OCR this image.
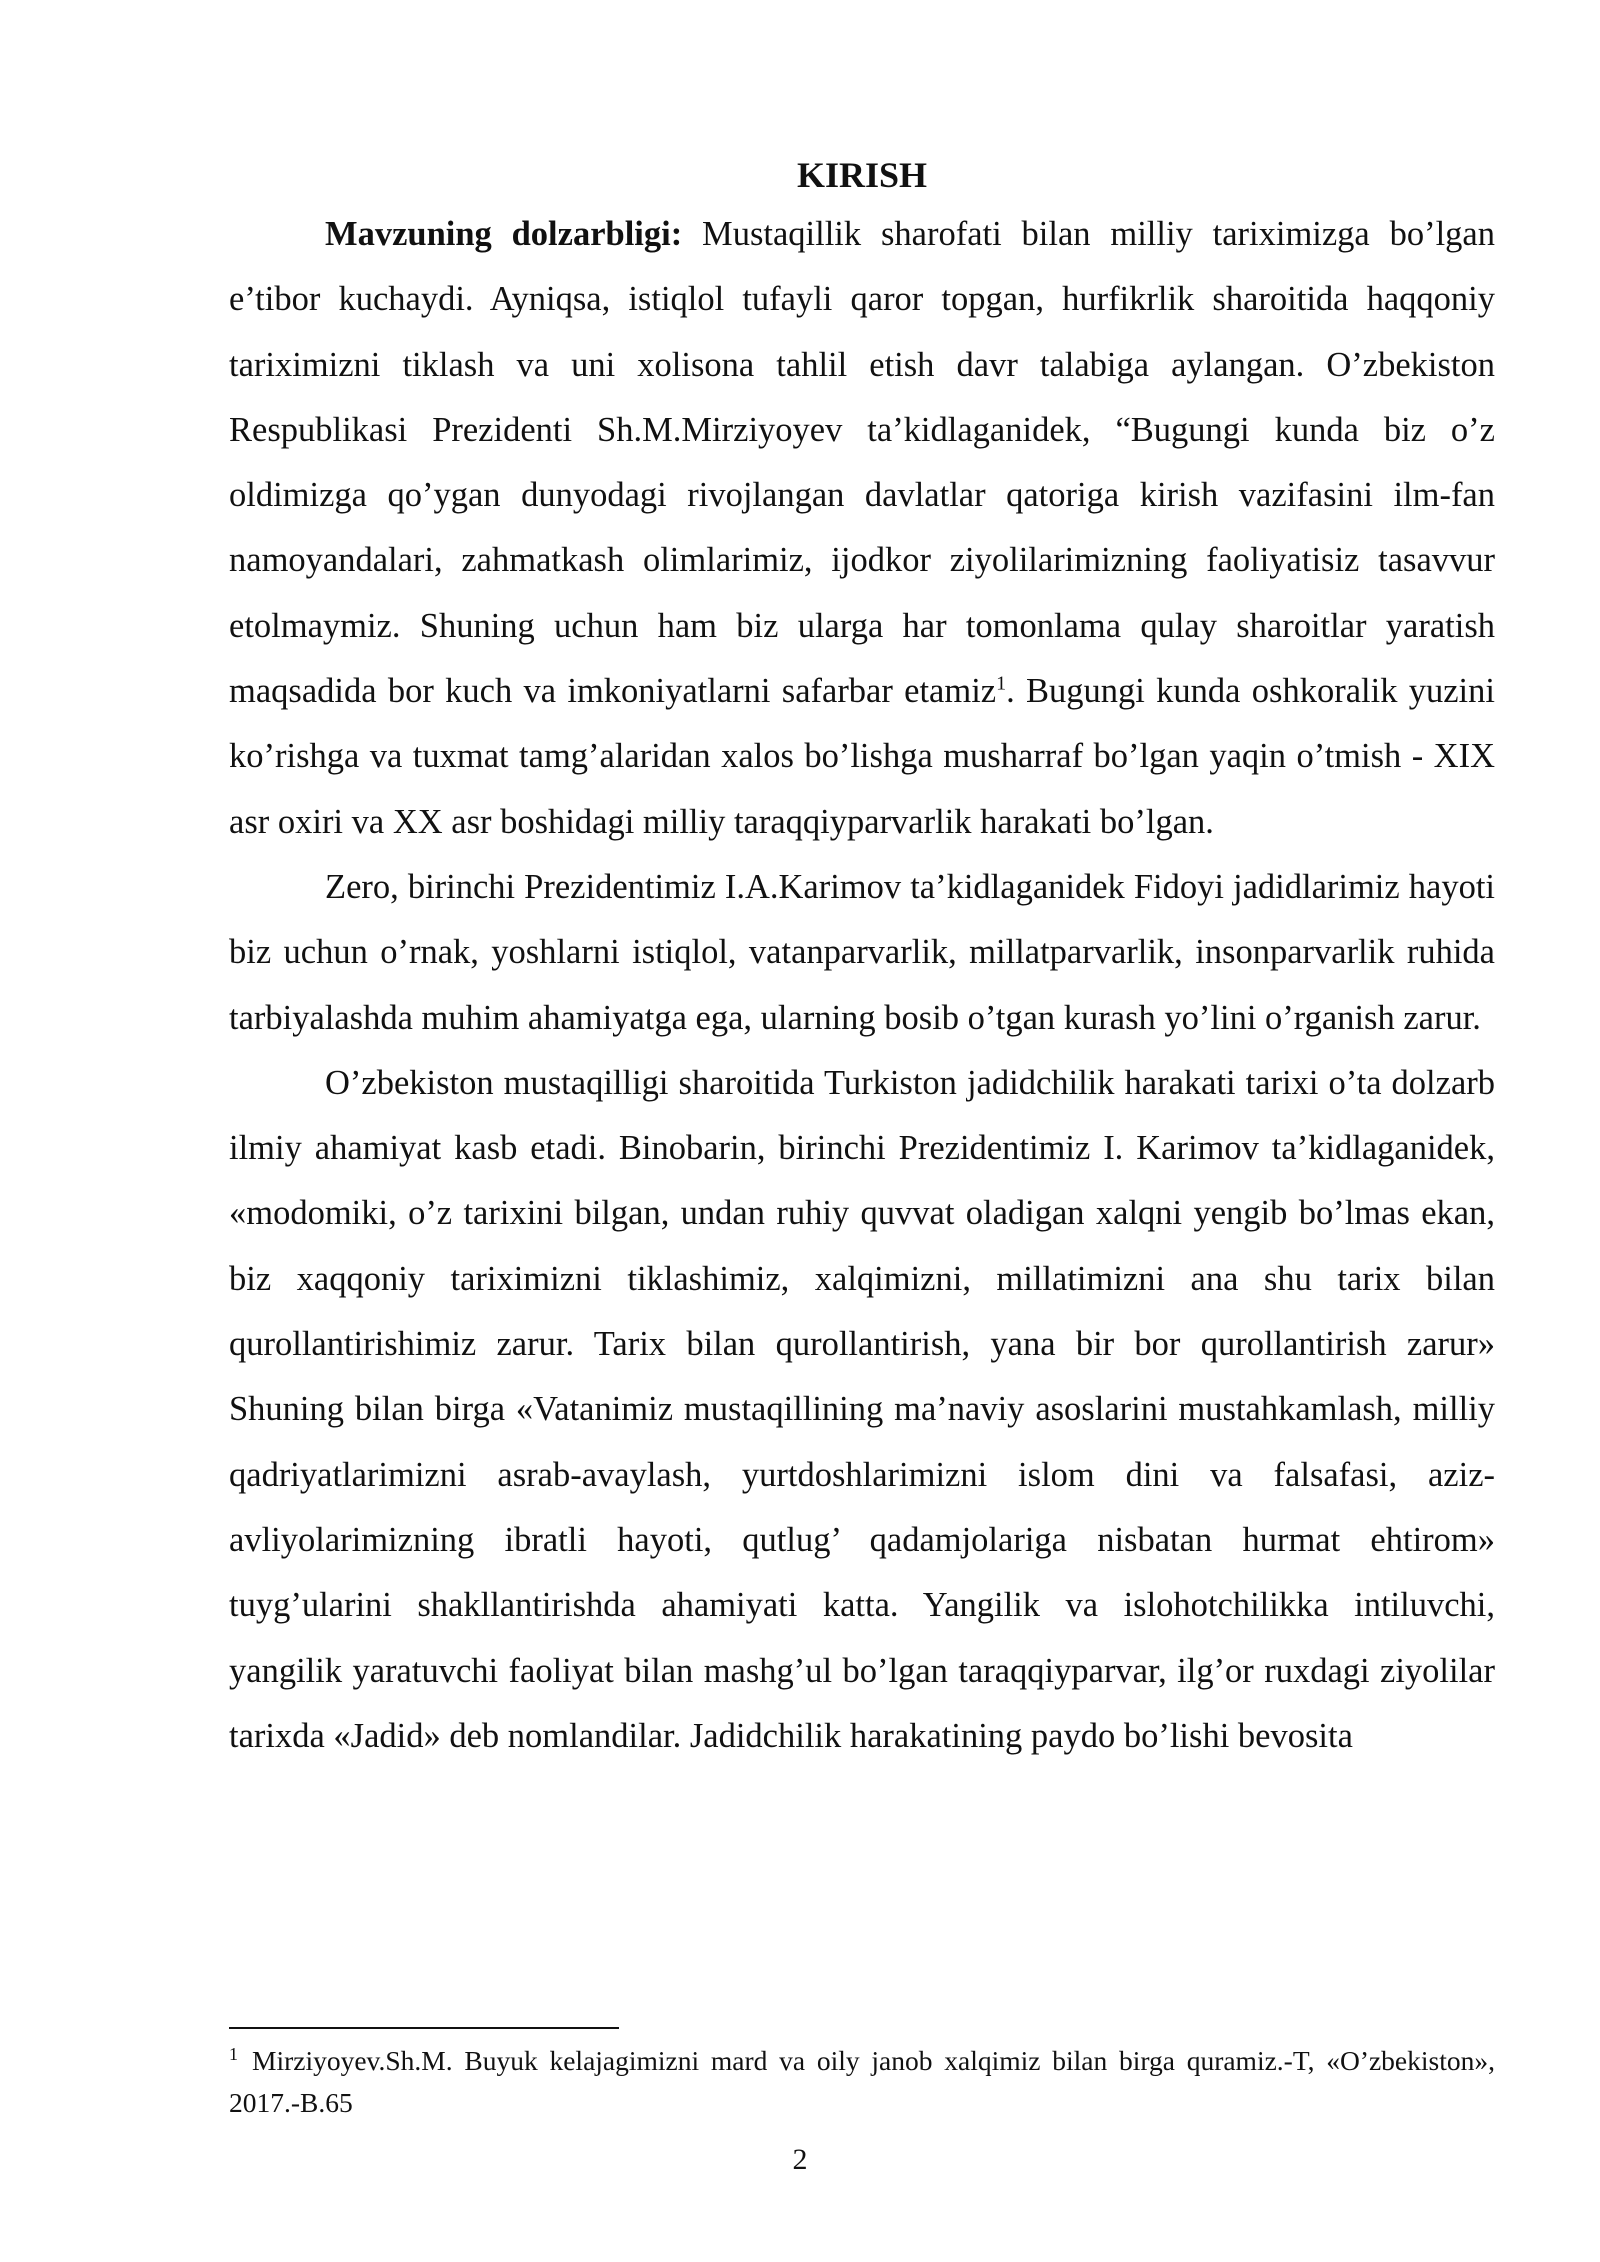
KIRISH

Mavzuning dolzarbligi: Mustaqillik sharofati bilan milliy tariximizga bo’lgan e’tibor kuchaydi. Ayniqsa, istiqlol tufayli qaror topgan, hurfikrlik sharoitida haqqoniy tariximizni tiklash va uni xolisona tahlil etish davr talabiga aylangan. O’zbekiston Respublikasi Prezidenti Sh.M.Mirziyoyev ta’kidlaganidek, “Bugungi kunda biz o’z oldimizga qo’ygan dunyodagi rivojlangan davlatlar qatoriga kirish vazifasini ilm-fan namoyandalari, zahmatkash olimlarimiz, ijodkor ziyolilarimizning faoliyatisiz tasavvur etolmaymiz. Shuning uchun ham biz ularga har tomonlama qulay sharoitlar yaratish maqsadida bor kuch va imkoniyatlarni safarbar etamiz$^1$. Bugungi kunda oshkoralik yuzini ko’rishga va tuxmat tamg’alaridan xalos bo’lishga musharraf bo’lgan yaqin o’tmish - XIX asr oxiri va XX asr boshidagi milliy taraqqiyparvarlik harakati bo’lgan.

Zero, birinchi Prezidentimiz I.A.Karimov ta’kidlaganidek Fidoyi jadidlarimiz hayoti biz uchun o’rnak, yoshlarni istiqlol, vatanparvarlik, millatparvarlik, insonparvarlik ruhida tarbiyalashda muhim ahamiyatga ega, ularning bosib o’tgan kurash yo’lini o’rganish zarur.

O’zbekiston mustaqilligi sharoitida Turkiston jadidchilik harakati tarixi o’ta dolzarb ilmiy ahamiyat kasb etadi. Binobarin, birinchi Prezidentimiz I. Karimov ta’kidlaganidek, «modomiki, o’z tarixini bilgan, undan ruhiy quvvat oladigan xalqni yengib bo’lmas ekan, biz xaqqoniy tariximizni tiklashimiz, xalqimizni, millatimizni ana shu tarix bilan qurollantirishimiz zarur. Tarix bilan qurollantirish, yana bir bor qurollantirish zarur» Shuning bilan birga «Vatanimiz mustaqillining ma’naviy asoslarini mustahkamlash, milliy qadriyatlarimizni asrab-avaylash, yurtdoshlarimizni islom dini va falsafasi, aziz-avliyolarimizning ibratli hayoti, qutlug’ qadamjolariga nisbatan hurmat ehtirom» tuyg’ularini shakllantirishda ahamiyati katta. Yangilik va islohotchilikka intiluvchi, yangilik yaratuvchi faoliyat bilan mashg’ul bo’lgan taraqqiyparvar, ilg’or ruxdagi ziyolilar tarixda «Jadid» deb nomlandilar. Jadidchilik harakatining paydo bo’lishi bevosita

$^1$ Mirziyoyev.Sh.M. Buyuk kelajagimizni mard va oily janob xalqimiz bilan birga quramiz.-T, «O’zbekiston», 2017.-B.65

2
